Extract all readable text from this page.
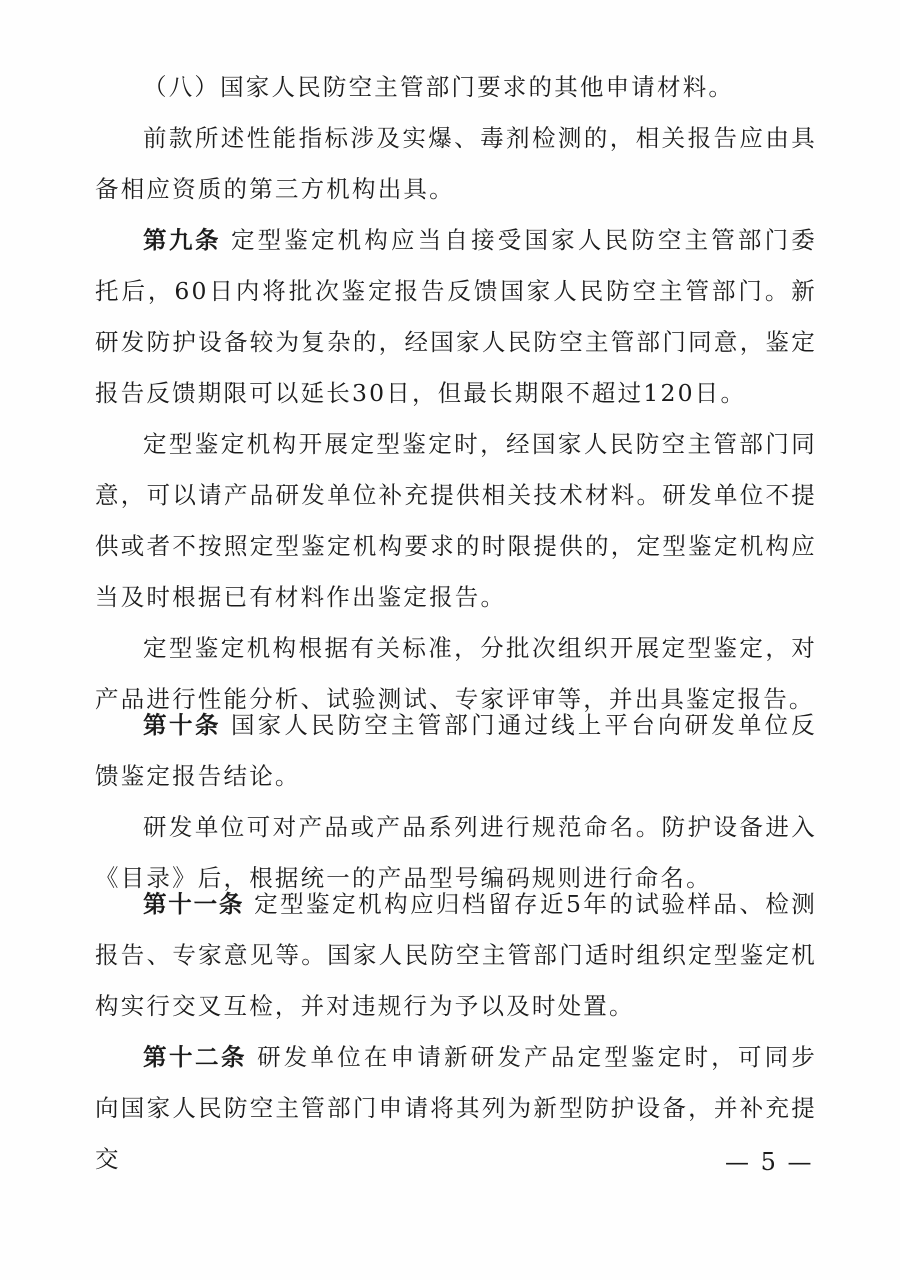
（八）国家人民防空主管部门要求的其他申请材料。

前款所述性能指标涉及实爆、毒剂检测的，相关报告应由具备相应资质的第三方机构出具。

第九条 定型鉴定机构应当自接受国家人民防空主管部门委托后，60日内将批次鉴定报告反馈国家人民防空主管部门。新研发防护设备较为复杂的，经国家人民防空主管部门同意，鉴定报告反馈期限可以延长30日，但最长期限不超过120日。

定型鉴定机构开展定型鉴定时，经国家人民防空主管部门同意，可以请产品研发单位补充提供相关技术材料。研发单位不提供或者不按照定型鉴定机构要求的时限提供的，定型鉴定机构应当及时根据已有材料作出鉴定报告。

定型鉴定机构根据有关标准，分批次组织开展定型鉴定，对产品进行性能分析、试验测试、专家评审等，并出具鉴定报告。

第十条 国家人民防空主管部门通过线上平台向研发单位反馈鉴定报告结论。

研发单位可对产品或产品系列进行规范命名。防护设备进入《目录》后，根据统一的产品型号编码规则进行命名。

第十一条 定型鉴定机构应归档留存近5年的试验样品、检测报告、专家意见等。国家人民防空主管部门适时组织定型鉴定机构实行交叉互检，并对违规行为予以及时处置。

第十二条 研发单位在申请新研发产品定型鉴定时，可同步向国家人民防空主管部门申请将其列为新型防护设备，并补充提交	— 5 —
